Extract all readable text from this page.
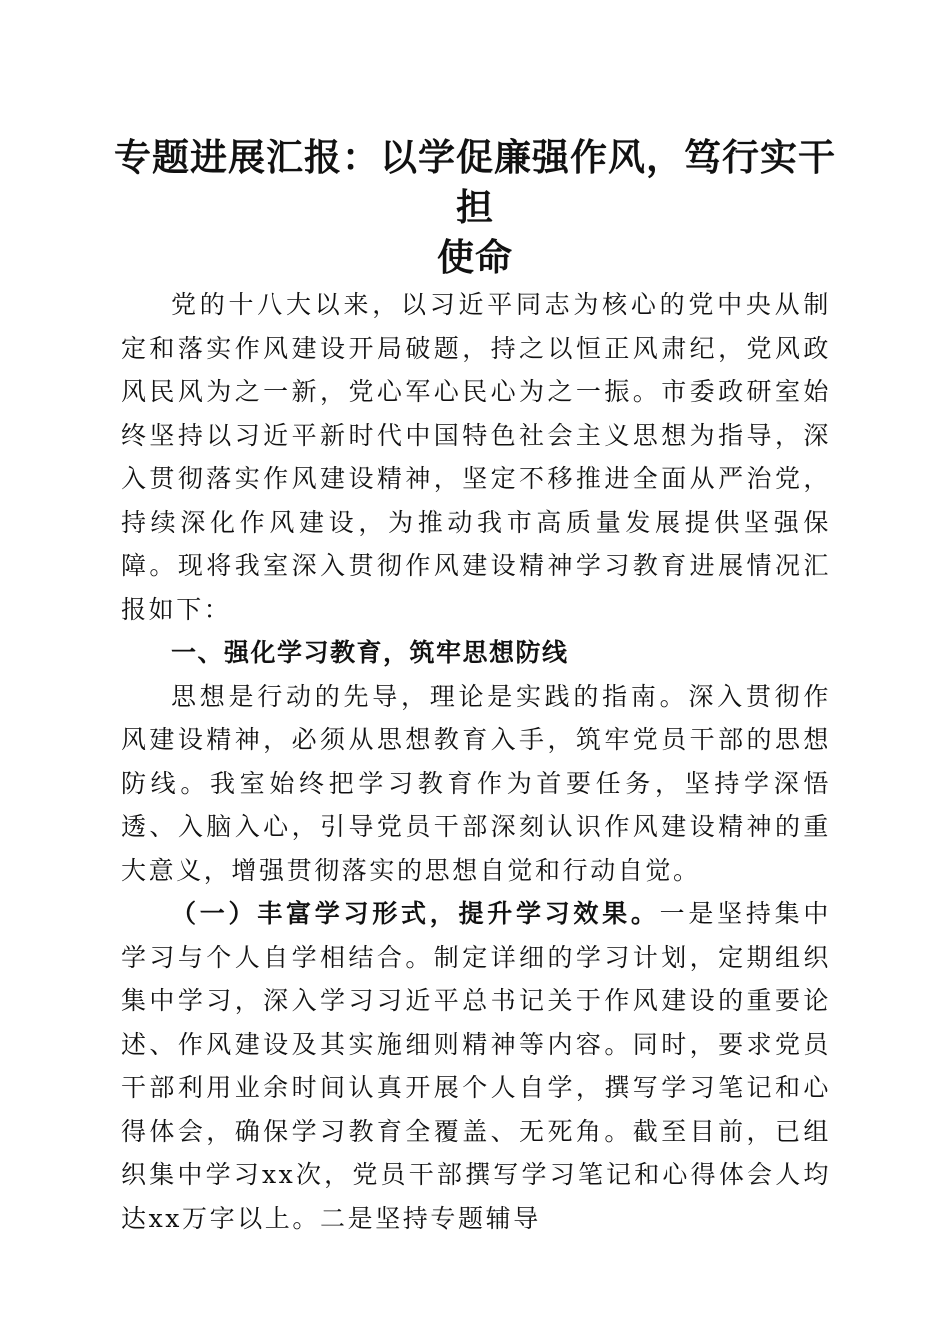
专题进展汇报：以学促廉强作风，笃行实干担
使命

党的十八大以来，以习近平同志为核心的党中央从制定和落实作风建设开局破题，持之以恒正风肃纪，党风政风民风为之一新，党心军心民心为之一振。市委政研室始终坚持以习近平新时代中国特色社会主义思想为指导，深入贯彻落实作风建设精神，坚定不移推进全面从严治党，持续深化作风建设，为推动我市高质量发展提供坚强保障。现将我室深入贯彻作风建设精神学习教育进展情况汇报如下：

一、强化学习教育，筑牢思想防线

思想是行动的先导，理论是实践的指南。深入贯彻作风建设精神，必须从思想教育入手，筑牢党员干部的思想防线。我室始终把学习教育作为首要任务，坚持学深悟透、入脑入心，引导党员干部深刻认识作风建设精神的重大意义，增强贯彻落实的思想自觉和行动自觉。

（一）丰富学习形式，提升学习效果。一是坚持集中学习与个人自学相结合。制定详细的学习计划，定期组织集中学习，深入学习习近平总书记关于作风建设的重要论述、作风建设及其实施细则精神等内容。同时，要求党员干部利用业余时间认真开展个人自学，撰写学习笔记和心得体会，确保学习教育全覆盖、无死角。截至目前，已组织集中学习xx次，党员干部撰写学习笔记和心得体会人均达xx万字以上。二是坚持专题辅导
